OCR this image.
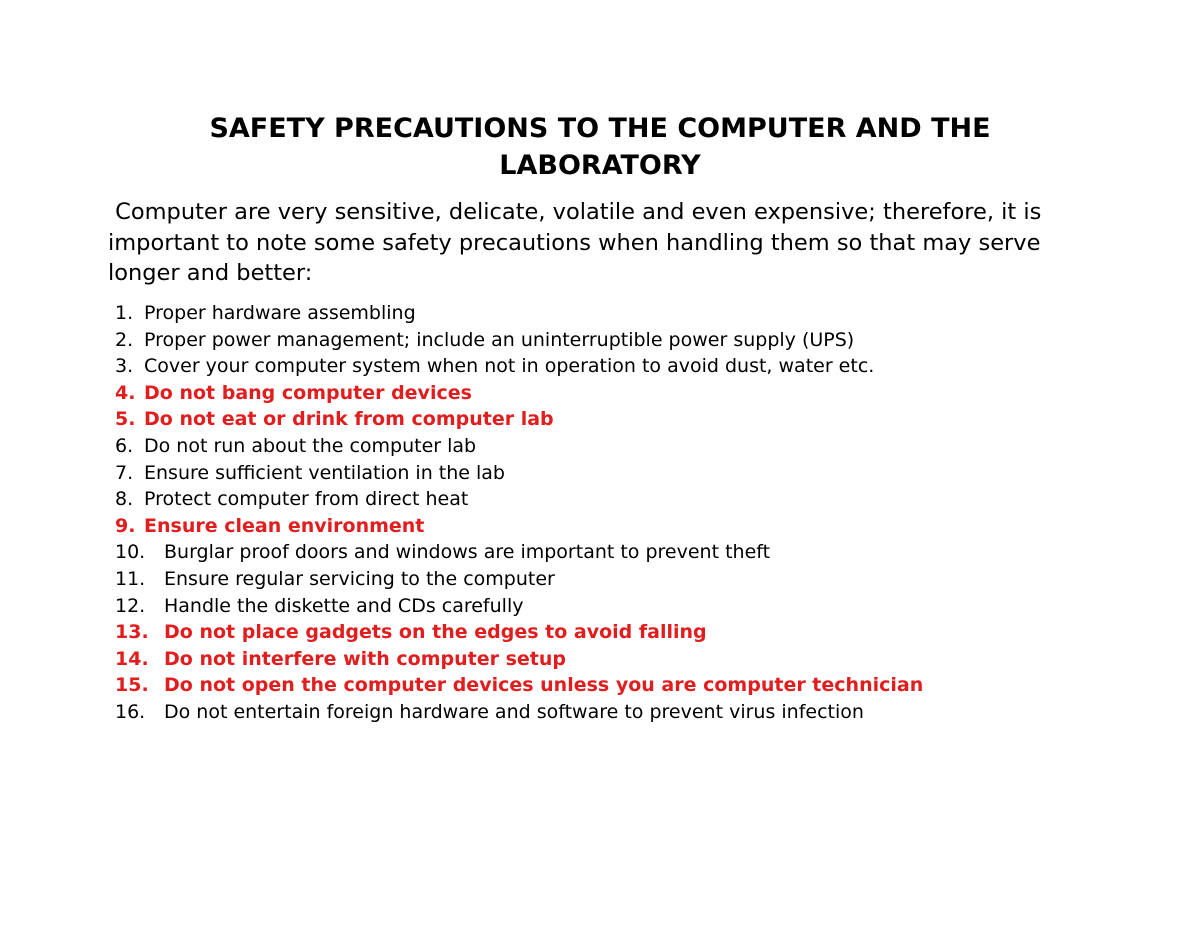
SAFETY PRECAUTIONS TO THE COMPUTER AND THE LABORATORY
Computer are very sensitive, delicate, volatile and even expensive; therefore, it is important to note some safety precautions when handling them so that may serve longer and better:
1. Proper hardware assembling
2. Proper power management; include an uninterruptible power supply (UPS)
3. Cover your computer system when not in operation to avoid dust, water etc.
4. Do not bang computer devices
5. Do not eat or drink from computer lab
6. Do not run about the computer lab
7. Ensure sufficient ventilation in the lab
8. Protect computer from direct heat
9. Ensure clean environment
10. Burglar proof doors and windows are important to prevent theft
11. Ensure regular servicing to the computer
12. Handle the diskette and CDs carefully
13. Do not place gadgets on the edges to avoid falling
14. Do not interfere with computer setup
15. Do not open the computer devices unless you are computer technician
16. Do not entertain foreign hardware and software to prevent virus infection
